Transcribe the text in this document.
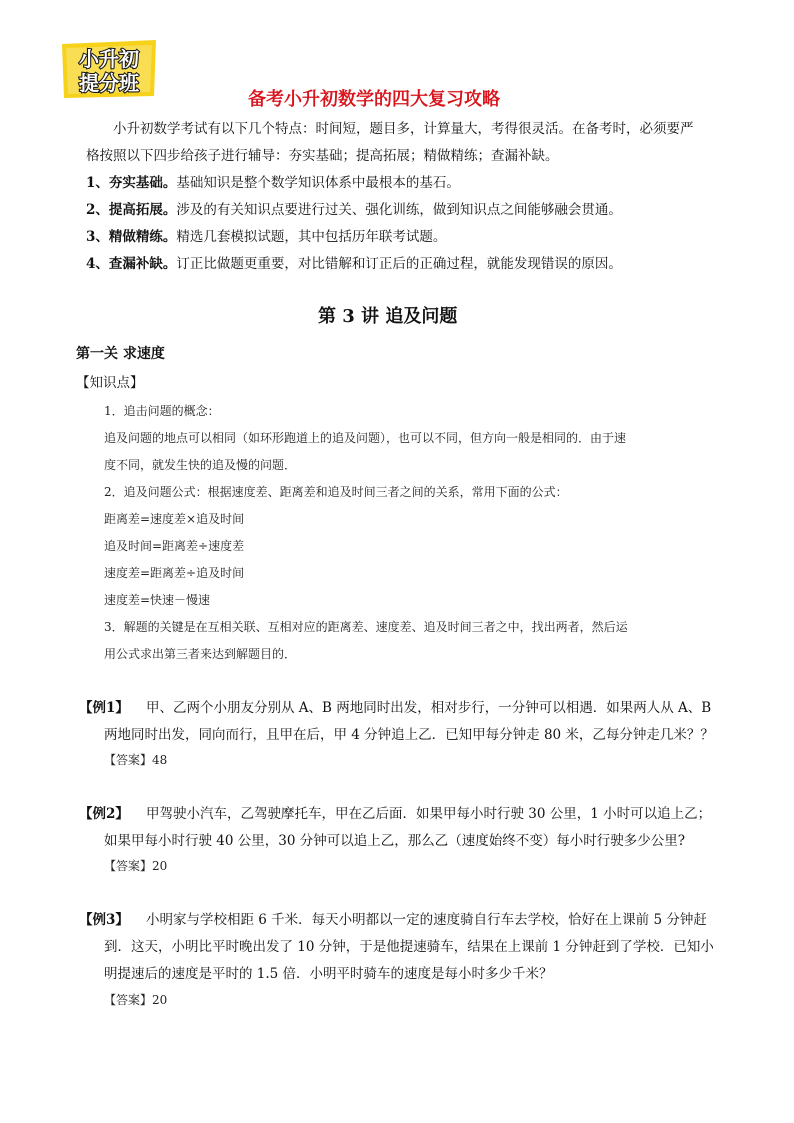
小升初
提分班
备考小升初数学的四大复习攻略
小升初数学考试有以下几个特点：时间短，题目多，计算量大，考得很灵活。在备考时，必须要严
格按照以下四步给孩子进行辅导：夯实基础；提高拓展；精做精练；查漏补缺。
1、夯实基础。基础知识是整个数学知识体系中最根本的基石。
2、提高拓展。涉及的有关知识点要进行过关、强化训练，做到知识点之间能够融会贯通。
3、精做精练。精选几套模拟试题，其中包括历年联考试题。
4、查漏补缺。订正比做题更重要，对比错解和订正后的正确过程，就能发现错误的原因。
第 3 讲 追及问题
第一关 求速度
【知识点】
1．追击问题的概念：
追及问题的地点可以相同（如环形跑道上的追及问题），也可以不同，但方向一般是相同的．由于速
度不同，就发生快的追及慢的问题．
2．追及问题公式：根据速度差、距离差和追及时间三者之间的关系，常用下面的公式：
距离差=速度差×追及时间
追及时间=距离差÷速度差
速度差=距离差÷追及时间
速度差=快速－慢速
3．解题的关键是在互相关联、互相对应的距离差、速度差、追及时间三者之中，找出两者，然后运
用公式求出第三者来达到解题目的．
【例1】 甲、乙两个小朋友分别从 A、B 两地同时出发，相对步行，一分钟可以相遇．如果两人从 A、B
两地同时出发，同向而行，且甲在后，甲 4 分钟追上乙．已知甲每分钟走 80 米，乙每分钟走几米？？
【答案】48
【例2】 甲驾驶小汽车，乙驾驶摩托车，甲在乙后面．如果甲每小时行驶 30 公里，1 小时可以追上乙；
如果甲每小时行驶 40 公里，30 分钟可以追上乙，那么乙（速度始终不变）每小时行驶多少公里?
【答案】20
【例3】 小明家与学校相距 6 千米．每天小明都以一定的速度骑自行车去学校，恰好在上课前 5 分钟赶
到．这天，小明比平时晚出发了 10 分钟，于是他提速骑车，结果在上课前 1 分钟赶到了学校．已知小
明提速后的速度是平时的 1.5 倍．小明平时骑车的速度是每小时多少千米？
【答案】20
